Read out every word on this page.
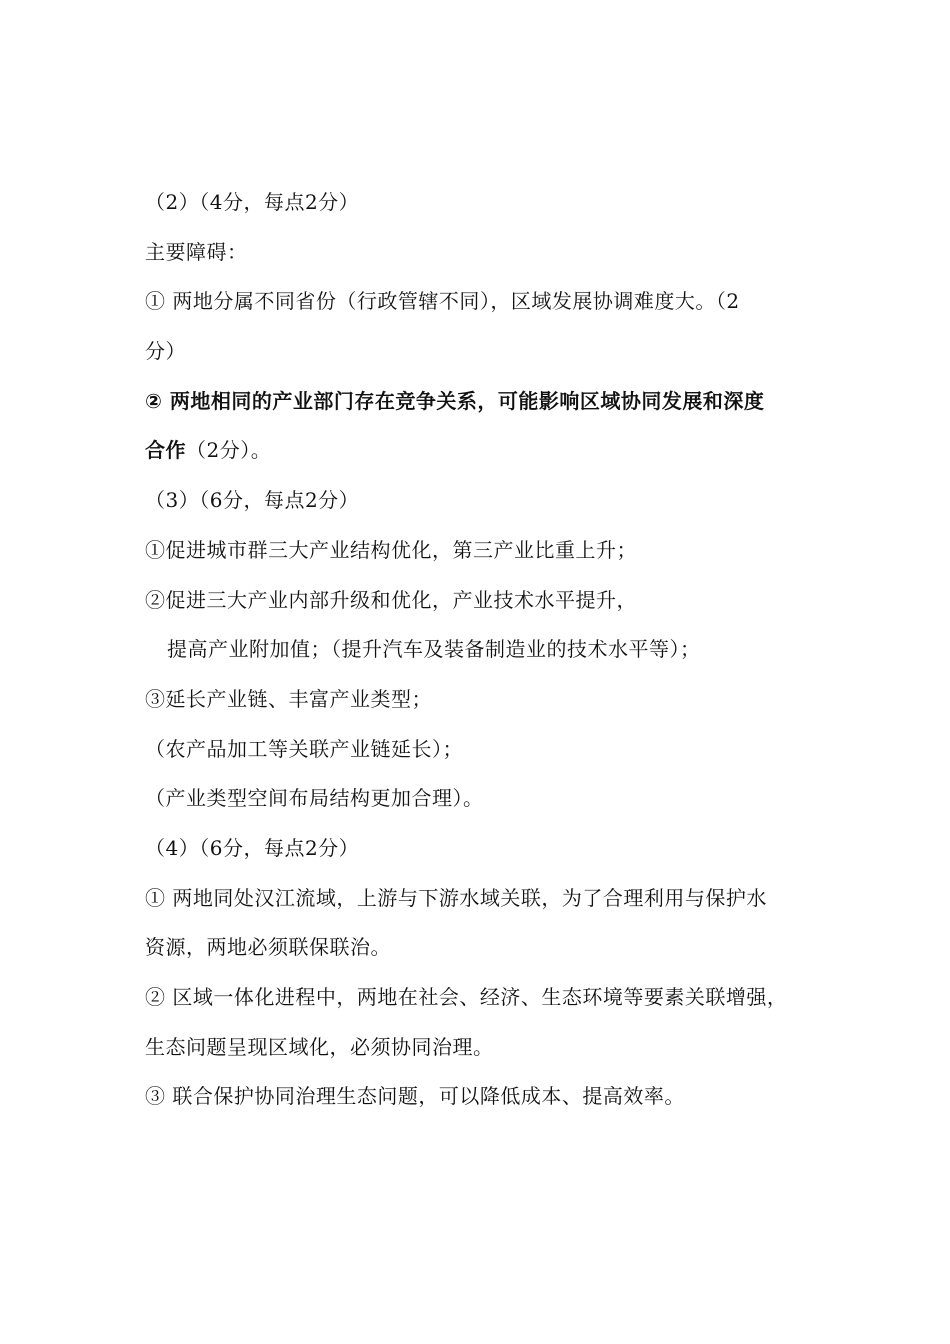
（2）（4分，每点2分）
主要障碍：
① 两地分属不同省份（行政管辖不同），区域发展协调难度大。（2
分）
② 两地相同的产业部门存在竞争关系，可能影响区域协同发展和深度
合作（2分）。
（3）（6分，每点2分）
①促进城市群三大产业结构优化，第三产业比重上升；
②促进三大产业内部升级和优化，产业技术水平提升，
提高产业附加值；（提升汽车及装备制造业的技术水平等）；
③延长产业链、丰富产业类型；
（农产品加工等关联产业链延长）；
（产业类型空间布局结构更加合理）。
（4）（6分，每点2分）
① 两地同处汉江流域，上游与下游水域关联，为了合理利用与保护水
资源，两地必须联保联治。
② 区域一体化进程中，两地在社会、经济、生态环境等要素关联增强，
生态问题呈现区域化，必须协同治理。
③ 联合保护协同治理生态问题，可以降低成本、提高效率。
